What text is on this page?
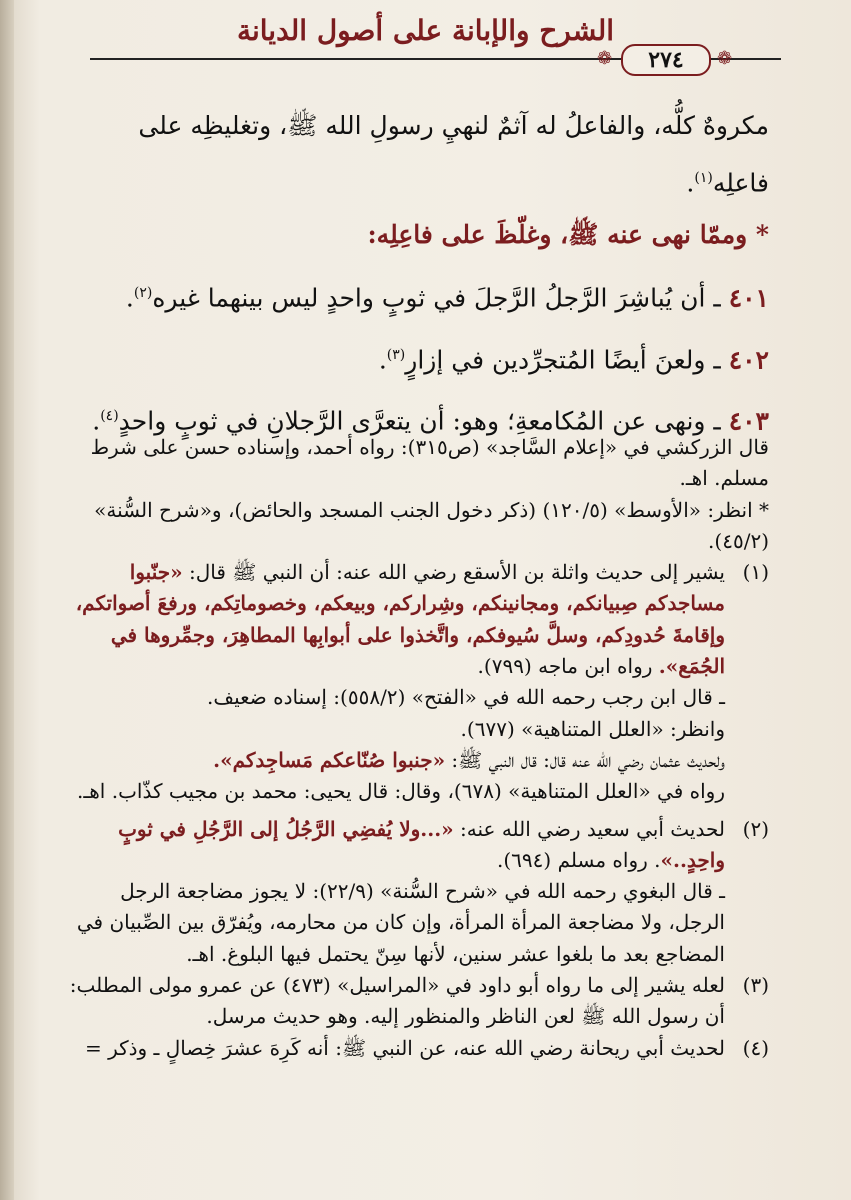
الشرح والإبانة على أصول الديانة
❁	٢٧٤	❁

مكروهٌ كلُّه، والفاعلُ له آثمٌ لنهيِ رسولِ الله ﷺ، وتغليظِه على فاعلِه$^{(١)}$.

* وممّا نهى عنه ﷺ، وغلّظَ على فاعِلِه:

٤٠١ ـ أن يُباشِرَ الرَّجلُ الرَّجلَ في ثوبٍ واحدٍ ليس بينهما غيره$^{(٢)}$.

٤٠٢ ـ ولعنَ أيضًا المُتجرِّدين في إزارٍ$^{(٣)}$.

٤٠٣ ـ ونهى عن المُكامعةِ؛ وهو: أن يتعرَّى الرَّجلانِ في ثوبٍ واحدٍ$^{(٤)}$.

قال الزركشي في «إعلام السَّاجد» (ص٣١٥): رواه أحمد، وإسناده حسن على شرط مسلم. اهـ.

* انظر: «الأوسط» (١٢٠/٥) (ذكر دخول الجنب المسجد والحائض)، و«شرح السُّنة» (٤٥/٢).

(١)
يشير إلى حديث واثلة بن الأسقع رضي الله عنه: أن النبي ﷺ قال: «جنّبوا مساجدكم صِبيانكم، ومجانينكم، وشِراركم، وبيعكم، وخصوماتِكم، ورفعَ أصواتكم، وإقامةَ حُدودِكم، وسلَّ سُيوفكم، واتَّخذوا على أبوابِها المطاهِرَ، وجمِّروها في الجُمَع». رواه ابن ماجه (٧٩٩).

ـ قال ابن رجب رحمه الله في «الفتح» (٥٥٨/٢): إسناده ضعيف.

وانظر: «العلل المتناهية» (٦٧٧).

ولحديث عثمان رضي الله عنه قال: قال النبي ﷺ: «جنبوا صُنّاعكم مَساجِدكم».

رواه في «العلل المتناهية» (٦٧٨)، وقال: قال يحيى: محمد بن مجيب كذّاب. اهـ.

(٢)
لحديث أبي سعيد رضي الله عنه: «...ولا يُفضِي الرَّجُلُ إلى الرَّجُلِ في ثوبٍ واحِدٍ..». رواه مسلم (٦٩٤).

ـ قال البغوي رحمه الله في «شرح السُّنة» (٢٢/٩): لا يجوز مضاجعة الرجل الرجل، ولا مضاجعة المرأة المرأة، وإن كان من محارمه، ويُفرّق بين الصِّبيان في المضاجع بعد ما بلغوا عشر سنين، لأنها سِنّ يحتمل فيها البلوغ. اهـ.

(٣)
لعله يشير إلى ما رواه أبو داود في «المراسيل» (٤٧٣) عن عمرو مولى المطلب: أن رسول الله ﷺ لعن الناظر والمنظور إليه. وهو حديث مرسل.

(٤)
لحديث أبي ريحانة رضي الله عنه، عن النبي ﷺ: أنه كَرِهَ عشرَ خِصالٍ ـ وذكر =
